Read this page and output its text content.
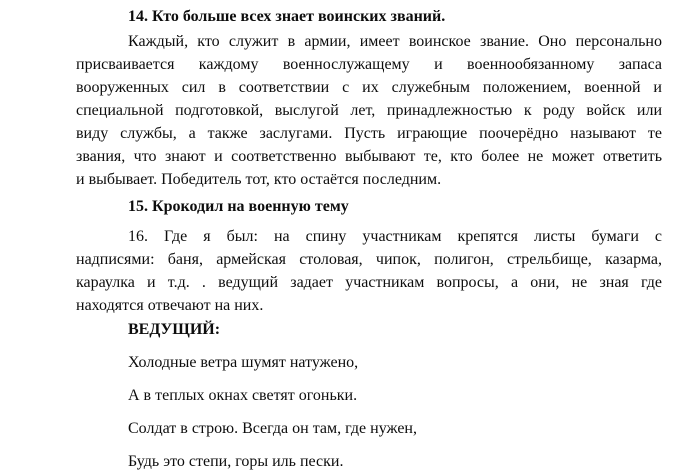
14. Кто больше всех знает воинских званий.
Каждый, кто служит в армии, имеет воинское звание. Оно персонально
присваивается каждому военнослужащему и военнообязанному запаса
вооруженных сил в соответствии с их служебным положением, военной и
специальной подготовкой, выслугой лет, принадлежностью к роду войск или
виду службы, а также заслугами. Пусть играющие поочерёдно называют те
звания, что знают и соответственно выбывают те, кто более не может ответить
и выбывает. Победитель тот, кто остаётся последним.
15. Крокодил на военную тему
16. Где я был: на спину участникам крепятся листы бумаги с
надписями: баня, армейская столовая, чипок, полигон, стрельбище, казарма,
караулка и т.д. . ведущий задает участникам вопросы, а они, не зная где
находятся отвечают на них.
ВЕДУЩИЙ:
Холодные ветра шумят натужено,
А в теплых окнах светят огоньки.
Солдат в строю. Всегда он там, где нужен,
Будь это степи, горы иль пески.
